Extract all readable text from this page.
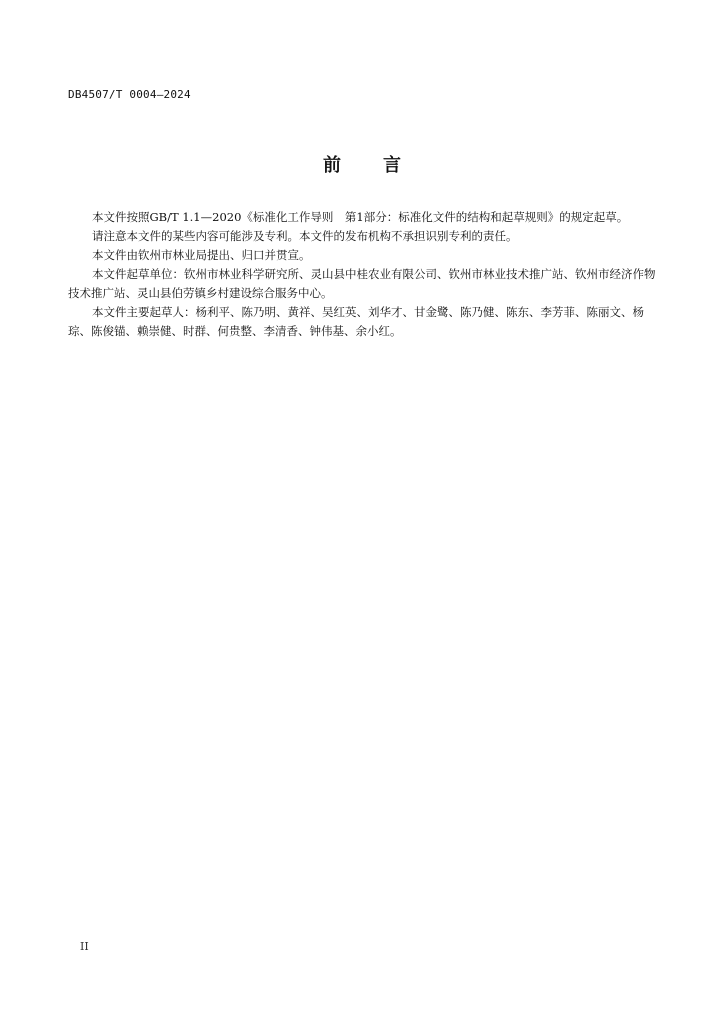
DB4507/T 0004—2024
前言

本文件按照GB/T 1.1—2020《标准化工作导则　第1部分：标准化文件的结构和起草规则》的规定起草。

请注意本文件的某些内容可能涉及专利。本文件的发布机构不承担识别专利的责任。

本文件由钦州市林业局提出、归口并贯宣。

本文件起草单位：钦州市林业科学研究所、灵山县中桂农业有限公司、钦州市林业技术推广站、钦州市经济作物技术推广站、灵山县伯劳镇乡村建设综合服务中心。

本文件主要起草人：杨利平、陈乃明、黄祥、吴红英、刘华才、甘金鹭、陈乃健、陈东、李芳菲、陈丽文、杨琮、陈俊锚、赖崇健、时群、何贵整、李清香、钟伟基、余小红。

II
